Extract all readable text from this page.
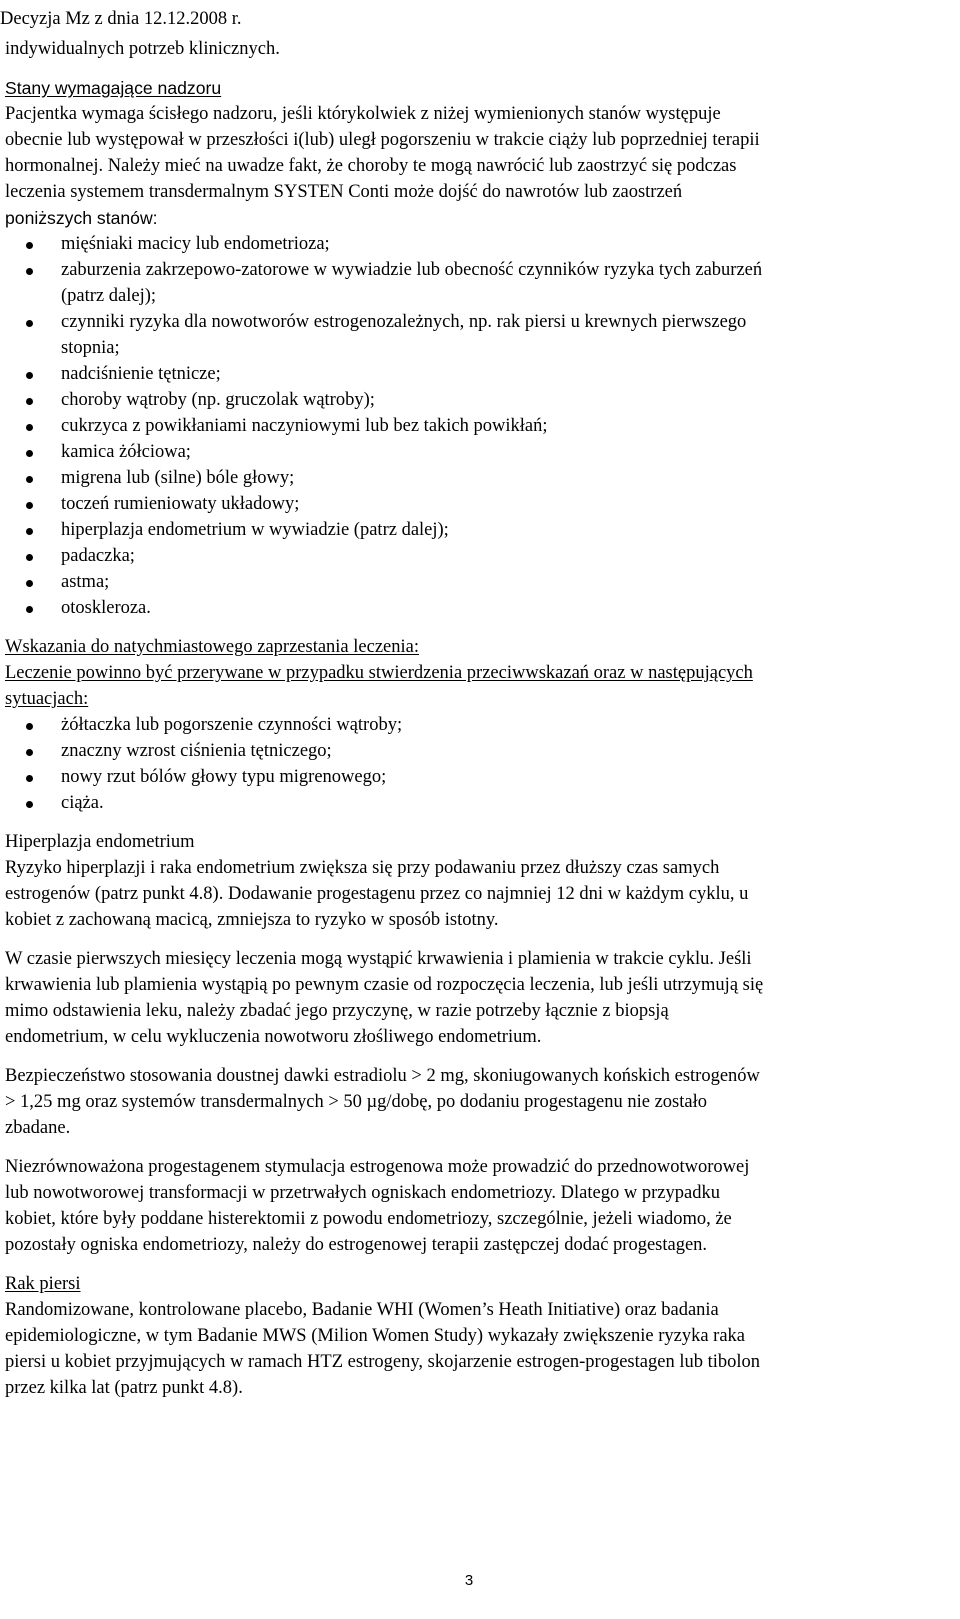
Decyzja Mz z dnia 12.12.2008 r.
indywidualnych potrzeb klinicznych.
Stany wymagające nadzoru
Pacjentka wymaga ścisłego nadzoru, jeśli którykolwiek z niżej wymienionych stanów występuje
obecnie lub występował w przeszłości i(lub) uległ pogorszeniu w trakcie ciąży lub poprzedniej terapii
hormonalnej. Należy mieć na uwadze fakt, że choroby te mogą nawrócić lub zaostrzyć się podczas
leczenia systemem transdermalnym SYSTEN Conti może dojść do nawrotów lub zaostrzeń
poniższych stanów:
mięśniaki macicy lub endometrioza;
zaburzenia zakrzepowo-zatorowe w wywiadzie lub obecność czynników ryzyka tych zaburzeń
(patrz dalej);
czynniki ryzyka dla nowotworów estrogenozależnych, np. rak piersi u krewnych pierwszego
stopnia;
nadciśnienie tętnicze;
choroby wątroby (np. gruczolak wątroby);
cukrzyca z powikłaniami naczyniowymi lub bez takich powikłań;
kamica żółciowa;
migrena lub (silne) bóle głowy;
toczeń rumieniowaty układowy;
hiperplazja endometrium w wywiadzie (patrz dalej);
padaczka;
astma;
otoskleroza.
Wskazania do natychmiastowego zaprzestania leczenia:
Leczenie powinno być przerywane w przypadku stwierdzenia przeciwwskazań oraz w następujących
sytuacjach:
żółtaczka lub pogorszenie czynności wątroby;
znaczny wzrost ciśnienia tętniczego;
nowy rzut bólów głowy typu migrenowego;
ciąża.
Hiperplazja endometrium
Ryzyko hiperplazji i raka endometrium zwiększa się przy podawaniu przez dłuższy czas samych
estrogenów (patrz punkt 4.8). Dodawanie progestagenu przez co najmniej 12 dni w każdym cyklu, u
kobiet z zachowaną macicą, zmniejsza to ryzyko w sposób istotny.
W czasie pierwszych miesięcy leczenia mogą wystąpić krwawienia i plamienia w trakcie cyklu. Jeśli
krwawienia lub plamienia wystąpią po pewnym czasie od rozpoczęcia leczenia, lub jeśli utrzymują się
mimo odstawienia leku, należy zbadać jego przyczynę, w razie potrzeby łącznie z biopsją
endometrium, w celu wykluczenia nowotworu złośliwego endometrium.
Bezpieczeństwo stosowania doustnej dawki estradiolu > 2 mg, skoniugowanych końskich estrogenów
> 1,25 mg oraz systemów transdermalnych > 50 µg/dobę, po dodaniu progestagenu nie zostało
zbadane.
Niezrównoważona progestagenem stymulacja estrogenowa może prowadzić do przednowotworowej
lub nowotworowej transformacji w przetrwałych ogniskach endometriozy. Dlatego w przypadku
kobiet, które były poddane histerektomii z powodu endometriozy, szczególnie, jeżeli wiadomo, że
pozostały ogniska endometriozy, należy do estrogenowej terapii zastępczej dodać progestagen.
Rak piersi
Randomizowane, kontrolowane placebo, Badanie WHI (Women’s Heath Initiative) oraz badania
epidemiologiczne, w tym Badanie MWS (Milion Women Study) wykazały zwiększenie ryzyka raka
piersi u kobiet przyjmujących w ramach HTZ estrogeny, skojarzenie estrogen-progestagen lub tibolon
przez kilka lat (patrz punkt 4.8).
3
